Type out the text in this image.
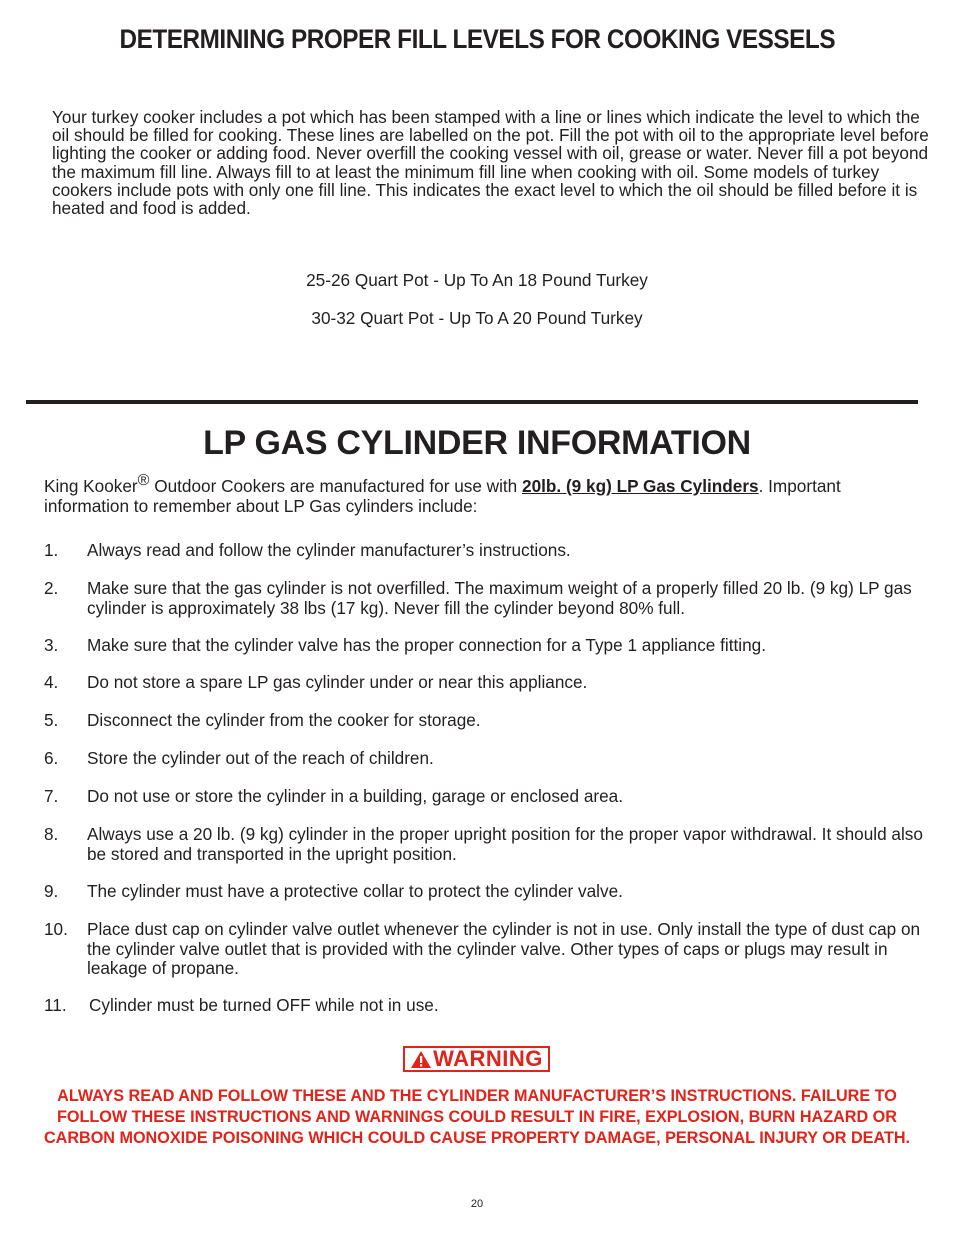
DETERMINING PROPER FILL LEVELS FOR COOKING VESSELS

Your turkey cooker includes a pot which has been stamped with a line or lines which indicate the level to which the oil should be filled for cooking. These lines are labelled on the pot. Fill the pot with oil to the appropriate level before lighting the cooker or adding food. Never overfill the cooking vessel with oil, grease or water. Never fill a pot beyond the maximum fill line. Always fill to at least the minimum fill line when cooking with oil. Some models of turkey cookers include pots with only one fill line. This indicates the exact level to which the oil should be filled before it is heated and food is added.

25-26 Quart Pot - Up To An 18 Pound Turkey

30-32 Quart Pot - Up To A 20 Pound Turkey

LP GAS CYLINDER INFORMATION

King Kooker® Outdoor Cookers are manufactured for use with 20lb. (9 kg) LP Gas Cylinders. Important information to remember about LP Gas cylinders include:

1. Always read and follow the cylinder manufacturer’s instructions.
2. Make sure that the gas cylinder is not overfilled. The maximum weight of a properly filled 20 lb. (9 kg) LP gas cylinder is approximately 38 lbs (17 kg). Never fill the cylinder beyond 80% full.
3. Make sure that the cylinder valve has the proper connection for a Type 1 appliance fitting.
4. Do not store a spare LP gas cylinder under or near this appliance.
5. Disconnect the cylinder from the cooker for storage.
6. Store the cylinder out of the reach of children.
7. Do not use or store the cylinder in a building, garage or enclosed area.
8. Always use a 20 lb. (9 kg) cylinder in the proper upright position for the proper vapor withdrawal. It should also be stored and transported in the upright position.
9. The cylinder must have a protective collar to protect the cylinder valve.
10. Place dust cap on cylinder valve outlet whenever the cylinder is not in use. Only install the type of dust cap on the cylinder valve outlet that is provided with the cylinder valve. Other types of caps or plugs may result in leakage of propane.
11. Cylinder must be turned OFF while not in use.
WARNING

ALWAYS READ AND FOLLOW THESE AND THE CYLINDER MANUFACTURER’S INSTRUCTIONS. FAILURE TO FOLLOW THESE INSTRUCTIONS AND WARNINGS COULD RESULT IN FIRE, EXPLOSION, BURN HAZARD OR CARBON MONOXIDE POISONING WHICH COULD CAUSE PROPERTY DAMAGE, PERSONAL INJURY OR DEATH.

20
